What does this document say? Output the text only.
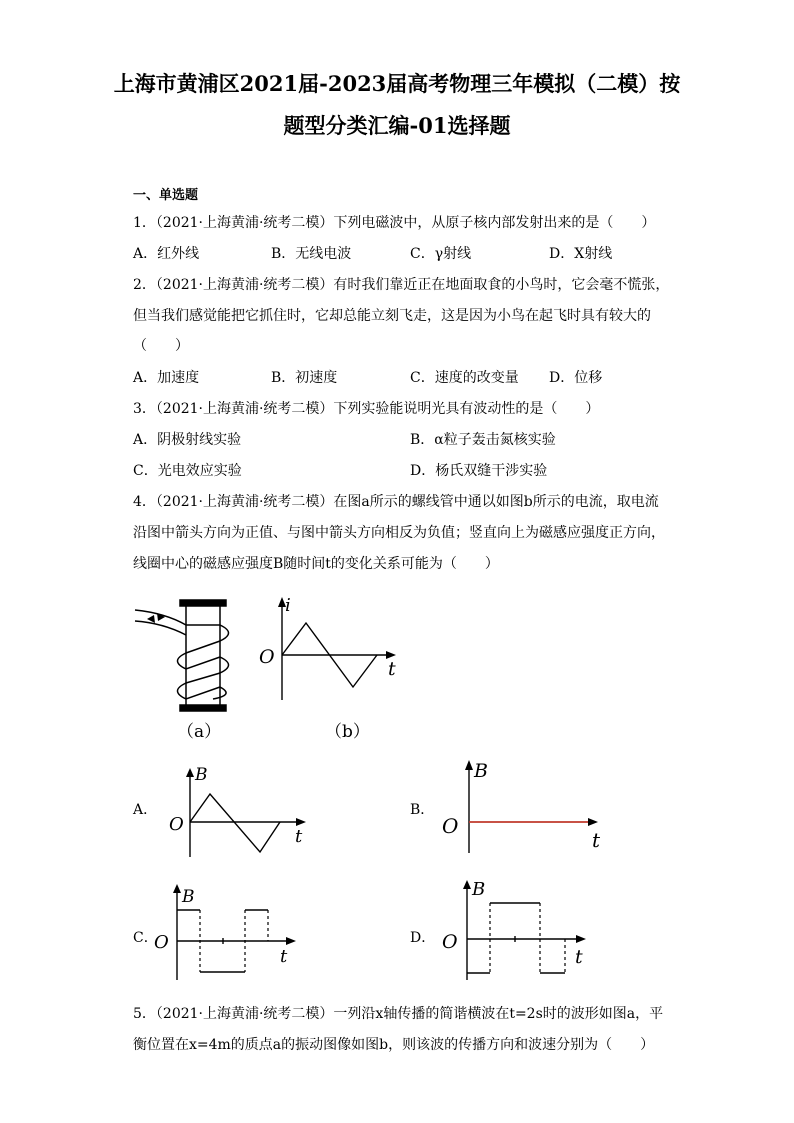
上海市黄浦区2021届-2023届高考物理三年模拟（二模）按
题型分类汇编-01选择题
一、单选题
1．（2021·上海黄浦·统考二模）下列电磁波中，从原子核内部发射出来的是（　　）
A．红外线	B．无线电波	C．γ射线	D．X射线
2．（2021·上海黄浦·统考二模）有时我们靠近正在地面取食的小鸟时，它会毫不慌张，
但当我们感觉能把它抓住时，它却总能立刻飞走，这是因为小鸟在起飞时具有较大的
（　　）
A．加速度	B．初速度	C．速度的改变量 D．位移
3．（2021·上海黄浦·统考二模）下列实验能说明光具有波动性的是（　　）
A．阴极射线实验	B．α粒子轰击氮核实验
C．光电效应实验	D．杨氏双缝干涉实验
4．（2021·上海黄浦·统考二模）在图a所示的螺线管中通以如图b所示的电流，取电流
沿图中箭头方向为正值、与图中箭头方向相反为负值；竖直向上为磁感应强度正方向，
线圈中心的磁感应强度B随时间t的变化关系可能为（　　）
（a）
i
O
t
（b）
A．
B
O
t
B．
B
O
t
C．
B
O
t
D．
B
O
t
5．（2021·上海黄浦·统考二模）一列沿x轴传播的简谐横波在t=2s时的波形如图a，平
衡位置在x=4m的质点a的振动图像如图b，则该波的传播方向和波速分别为（　　）
